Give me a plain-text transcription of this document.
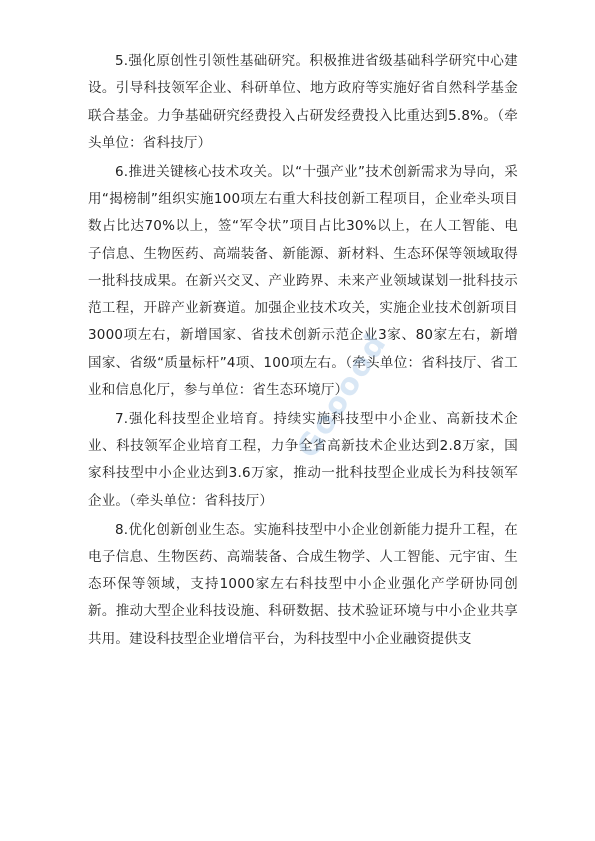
5.强化原创性引领性基础研究。积极推进省级基础科学研究中心建设。引导科技领军企业、科研单位、地方政府等实施好省自然科学基金联合基金。力争基础研究经费投入占研发经费投入比重达到5.8%。（牵头单位：省科技厅）

6.推进关键核心技术攻关。以“十强产业”技术创新需求为导向，采用“揭榜制”组织实施100项左右重大科技创新工程项目，企业牵头项目数占比达70%以上，签“军令状”项目占比30%以上，在人工智能、电子信息、生物医药、高端装备、新能源、新材料、生态环保等领域取得一批科技成果。在新兴交叉、产业跨界、未来产业领域谋划一批科技示范工程，开辟产业新赛道。加强企业技术攻关，实施企业技术创新项目3000项左右，新增国家、省技术创新示范企业3家、80家左右，新增国家、省级“质量标杆”4项、100项左右。（牵头单位：省科技厅、省工业和信息化厅，参与单位：省生态环境厅）

7.强化科技型企业培育。持续实施科技型中小企业、高新技术企业、科技领军企业培育工程，力争全省高新技术企业达到2.8万家，国家科技型中小企业达到3.6万家，推动一批科技型企业成长为科技领军企业。（牵头单位：省科技厅）

8.优化创新创业生态。实施科技型中小企业创新能力提升工程，在电子信息、生物医药、高端装备、合成生物学、人工智能、元宇宙、生态环保等领域，支持1000家左右科技型中小企业强化产学研协同创新。推动大型企业科技设施、科研数据、技术验证环境与中小企业共享共用。建设科技型企业增信平台，为科技型中小企业融资提供支

Gooood
